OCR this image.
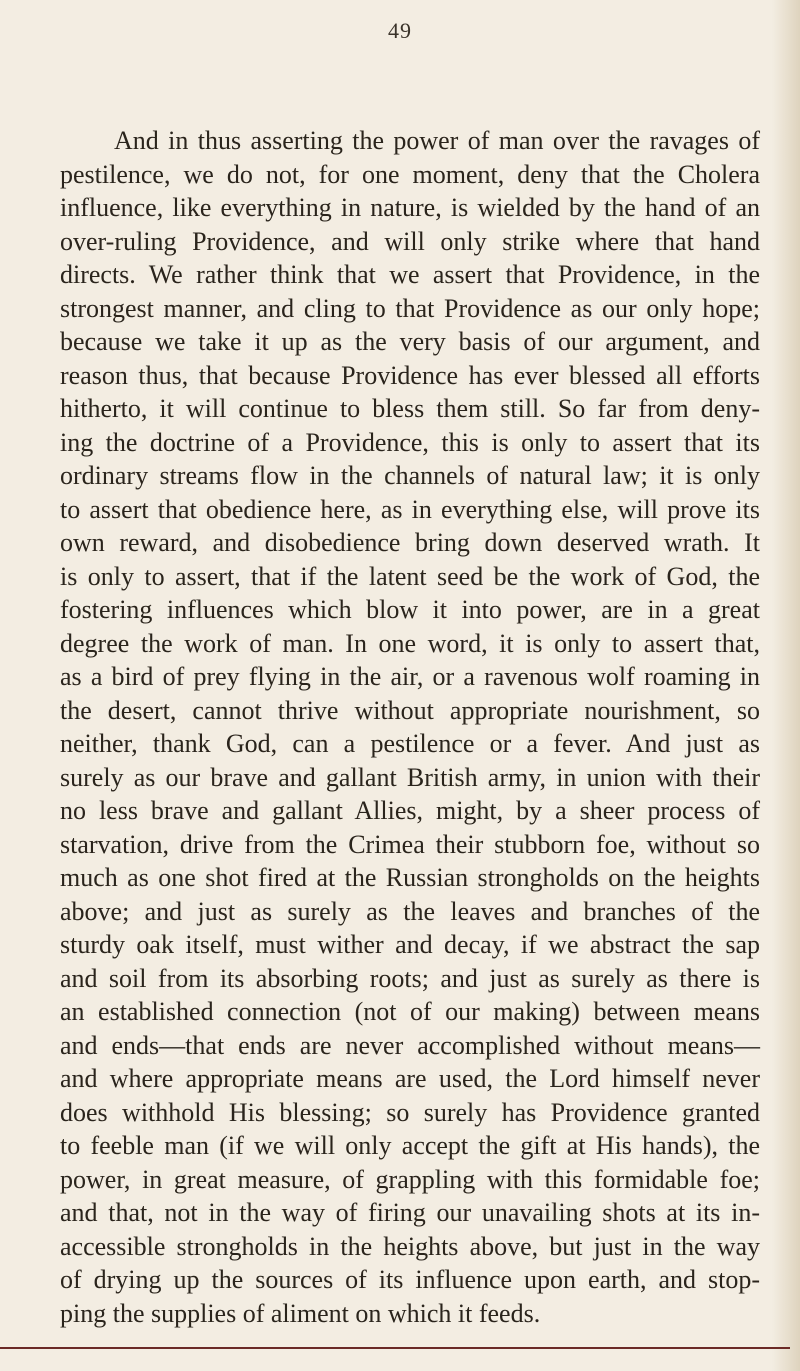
49
And in thus asserting the power of man over the ravages of
pestilence, we do not, for one moment, deny that the Cholera
influence, like everything in nature, is wielded by the hand of an
over-ruling Providence, and will only strike where that hand
directs. We rather think that we assert that Providence, in the
strongest manner, and cling to that Providence as our only hope;
because we take it up as the very basis of our argument, and
reason thus, that because Providence has ever blessed all efforts
hitherto, it will continue to bless them still. So far from deny-
ing the doctrine of a Providence, this is only to assert that its
ordinary streams flow in the channels of natural law; it is only
to assert that obedience here, as in everything else, will prove its
own reward, and disobedience bring down deserved wrath. It
is only to assert, that if the latent seed be the work of God, the
fostering influences which blow it into power, are in a great
degree the work of man. In one word, it is only to assert that,
as a bird of prey flying in the air, or a ravenous wolf roaming in
the desert, cannot thrive without appropriate nourishment, so
neither, thank God, can a pestilence or a fever. And just as
surely as our brave and gallant British army, in union with their
no less brave and gallant Allies, might, by a sheer process of
starvation, drive from the Crimea their stubborn foe, without so
much as one shot fired at the Russian strongholds on the heights
above; and just as surely as the leaves and branches of the
sturdy oak itself, must wither and decay, if we abstract the sap
and soil from its absorbing roots; and just as surely as there is
an established connection (not of our making) between means
and ends—that ends are never accomplished without means—
and where appropriate means are used, the Lord himself never
does withhold His blessing; so surely has Providence granted
to feeble man (if we will only accept the gift at His hands), the
power, in great measure, of grappling with this formidable foe;
and that, not in the way of firing our unavailing shots at its in-
accessible strongholds in the heights above, but just in the way
of drying up the sources of its influence upon earth, and stop-
ping the supplies of aliment on which it feeds.
